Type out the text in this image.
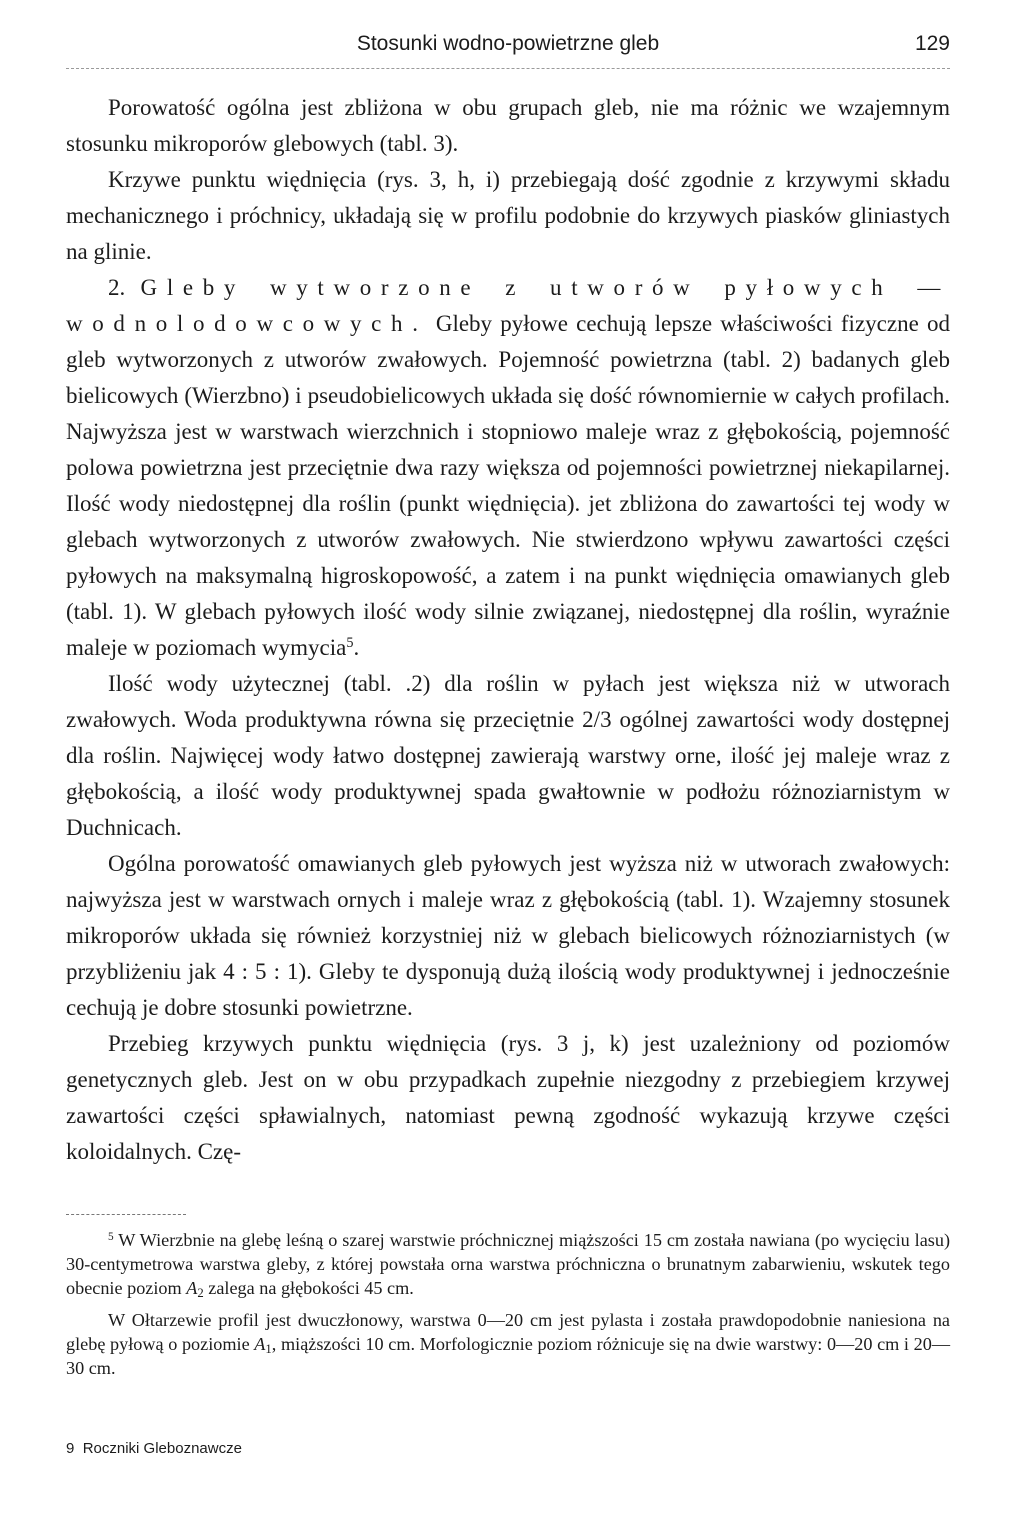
Stosunki wodno-powietrzne gleb	129

Porowatość ogólna jest zbliżona w obu grupach gleb, nie ma różnic we wzajemnym stosunku mikroporów glebowych (tabl. 3).

Krzywe punktu więdnięcia (rys. 3, h, i) przebiegają dość zgodnie z krzywymi składu mechanicznego i próchnicy, układają się w profilu podobnie do krzywych piasków gliniastych na glinie.

2. Gleby wytworzone z utworów pyłowych — wodnolodowcowych. Gleby pyłowe cechują lepsze właściwości fizyczne od gleb wytworzonych z utworów zwałowych. Pojemność powietrzna (tabl. 2) badanych gleb bielicowych (Wierzbno) i pseudobielicowych układa się dość równomiernie w całych profilach. Najwyższa jest w warstwach wierzchnich i stopniowo maleje wraz z głębokością, pojemność polowa powietrzna jest przeciętnie dwa razy większa od pojemności powietrznej niekapilarnej. Ilość wody niedostępnej dla roślin (punkt więdnięcia). jet zbliżona do zawartości tej wody w glebach wytworzonych z utworów zwałowych. Nie stwierdzono wpływu zawartości części pyłowych na maksymalną higroskopowość, a zatem i na punkt więdnięcia omawianych gleb (tabl. 1). W glebach pyłowych ilość wody silnie związanej, niedostępnej dla roślin, wyraźnie maleje w poziomach wymycia$^5$.

Ilość wody użytecznej (tabl. .2) dla roślin w pyłach jest większa niż w utworach zwałowych. Woda produktywna równa się przeciętnie 2/3 ogólnej zawartości wody dostępnej dla roślin. Najwięcej wody łatwo dostępnej zawierają warstwy orne, ilość jej maleje wraz z głębokością, a ilość wody produktywnej spada gwałtownie w podłożu różnoziarnistym w Duchnicach.

Ogólna porowatość omawianych gleb pyłowych jest wyższa niż w utworach zwałowych: najwyższa jest w warstwach ornych i maleje wraz z głębokością (tabl. 1). Wzajemny stosunek mikroporów układa się również korzystniej niż w glebach bielicowych różnoziarnistych (w przybliżeniu jak 4 : 5 : 1). Gleby te dysponują dużą ilością wody produktywnej i jednocześnie cechują je dobre stosunki powietrzne.

Przebieg krzywych punktu więdnięcia (rys. 3 j, k) jest uzależniony od poziomów genetycznych gleb. Jest on w obu przypadkach zupełnie niezgodny z przebiegiem krzywej zawartości części spławialnych, natomiast pewną zgodność wykazują krzywe części koloidalnych. Czę-

$^5$ W Wierzbnie na glebę leśną o szarej warstwie próchnicznej miąższości 15 cm została nawiana (po wycięciu lasu) 30-centymetrowa warstwa gleby, z której powstała orna warstwa próchniczna o brunatnym zabarwieniu, wskutek tego obecnie poziom $A_2$ zalega na głębokości 45 cm.

W Ołtarzewie profil jest dwuczłonowy, warstwa 0—20 cm jest pylasta i została prawdopodobnie naniesiona na glebę pyłową o poziomie $A_1$, miąższości 10 cm. Morfologicznie poziom różnicuje się na dwie warstwy: 0—20 cm i 20—30 cm.

9 Roczniki Gleboznawcze
